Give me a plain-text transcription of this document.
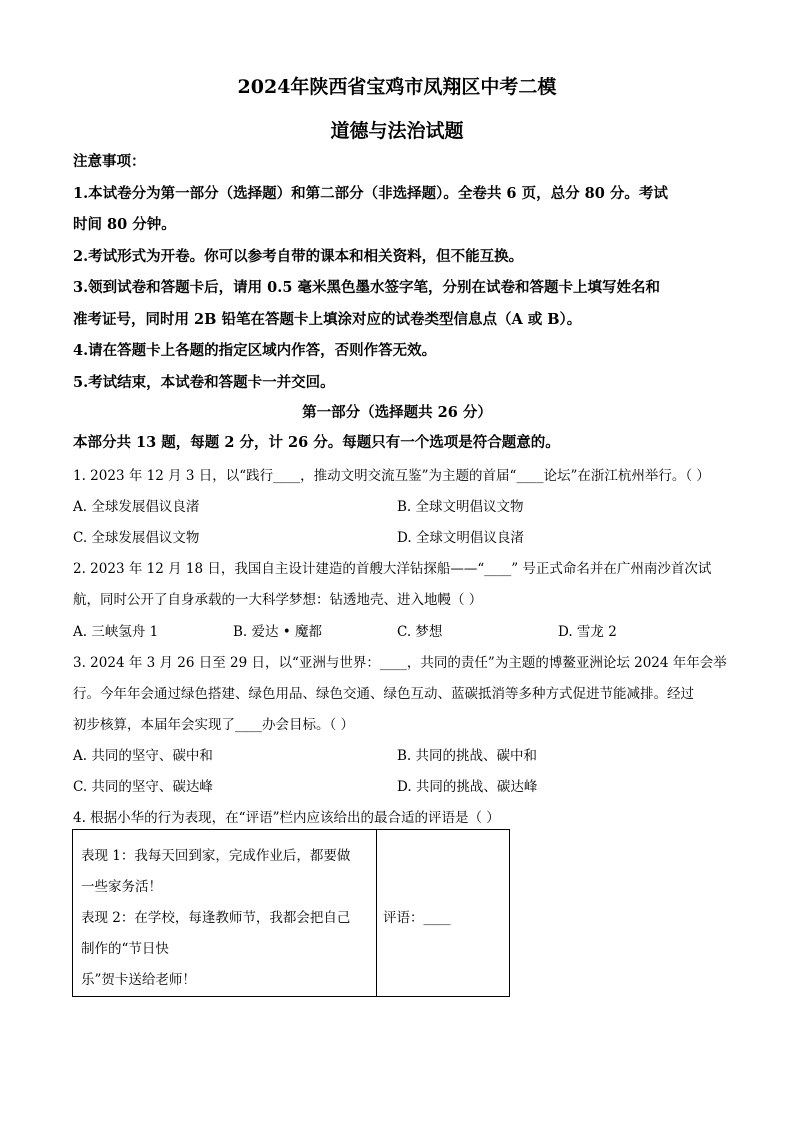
2024年陕西省宝鸡市凤翔区中考二模
道德与法治试题
注意事项：
1.本试卷分为第一部分（选择题）和第二部分（非选择题）。全卷共 6 页，总分 80 分。考试
时间 80 分钟。
2.考试形式为开卷。你可以参考自带的课本和相关资料，但不能互换。
3.领到试卷和答题卡后，请用 0.5 毫米黑色墨水签字笔，分别在试卷和答题卡上填写姓名和
准考证号，同时用 2B 铅笔在答题卡上填涂对应的试卷类型信息点（A 或 B）。
4.请在答题卡上各题的指定区域内作答，否则作答无效。
5.考试结束，本试卷和答题卡一并交回。
第一部分（选择题共 26 分）
本部分共 13 题，每题 2 分，计 26 分。每题只有一个选项是符合题意的。
1. 2023 年 12 月 3 日，以“践行____，推动文明交流互鉴”为主题的首届“____论坛”在浙江杭州举行。（ ）
A. 全球发展倡议良渚	B. 全球文明倡议文物
C. 全球发展倡议文物	D. 全球文明倡议良渚
2. 2023 年 12 月 18 日，我国自主设计建造的首艘大洋钻探船——“____” 号正式命名并在广州南沙首次试
航，同时公开了自身承载的一大科学梦想：钻透地壳、进入地幔（ ）
A. 三峡氢舟 1	B. 爱达 • 魔都	C. 梦想	D. 雪龙 2
3. 2024 年 3 月 26 日至 29 日，以“亚洲与世界：____，共同的责任”为主题的博鳌亚洲论坛 2024 年年会举
行。今年年会通过绿色搭建、绿色用品、绿色交通、绿色互动、蓝碳抵消等多种方式促进节能减排。经过
初步核算，本届年会实现了____办会目标。（ ）
A. 共同的坚守、碳中和	B. 共同的挑战、碳中和
C. 共同的坚守、碳达峰	D. 共同的挑战、碳达峰
4. 根据小华的行为表现，在“评语”栏内应该给出的最合适的评语是（ ）
表现 1：我每天回到家，完成作业后，都要做
一些家务活！
表现 2：在学校，每逢教师节，我都会把自己
制作的“节日快
乐”贺卡送给老师！

评语：____
